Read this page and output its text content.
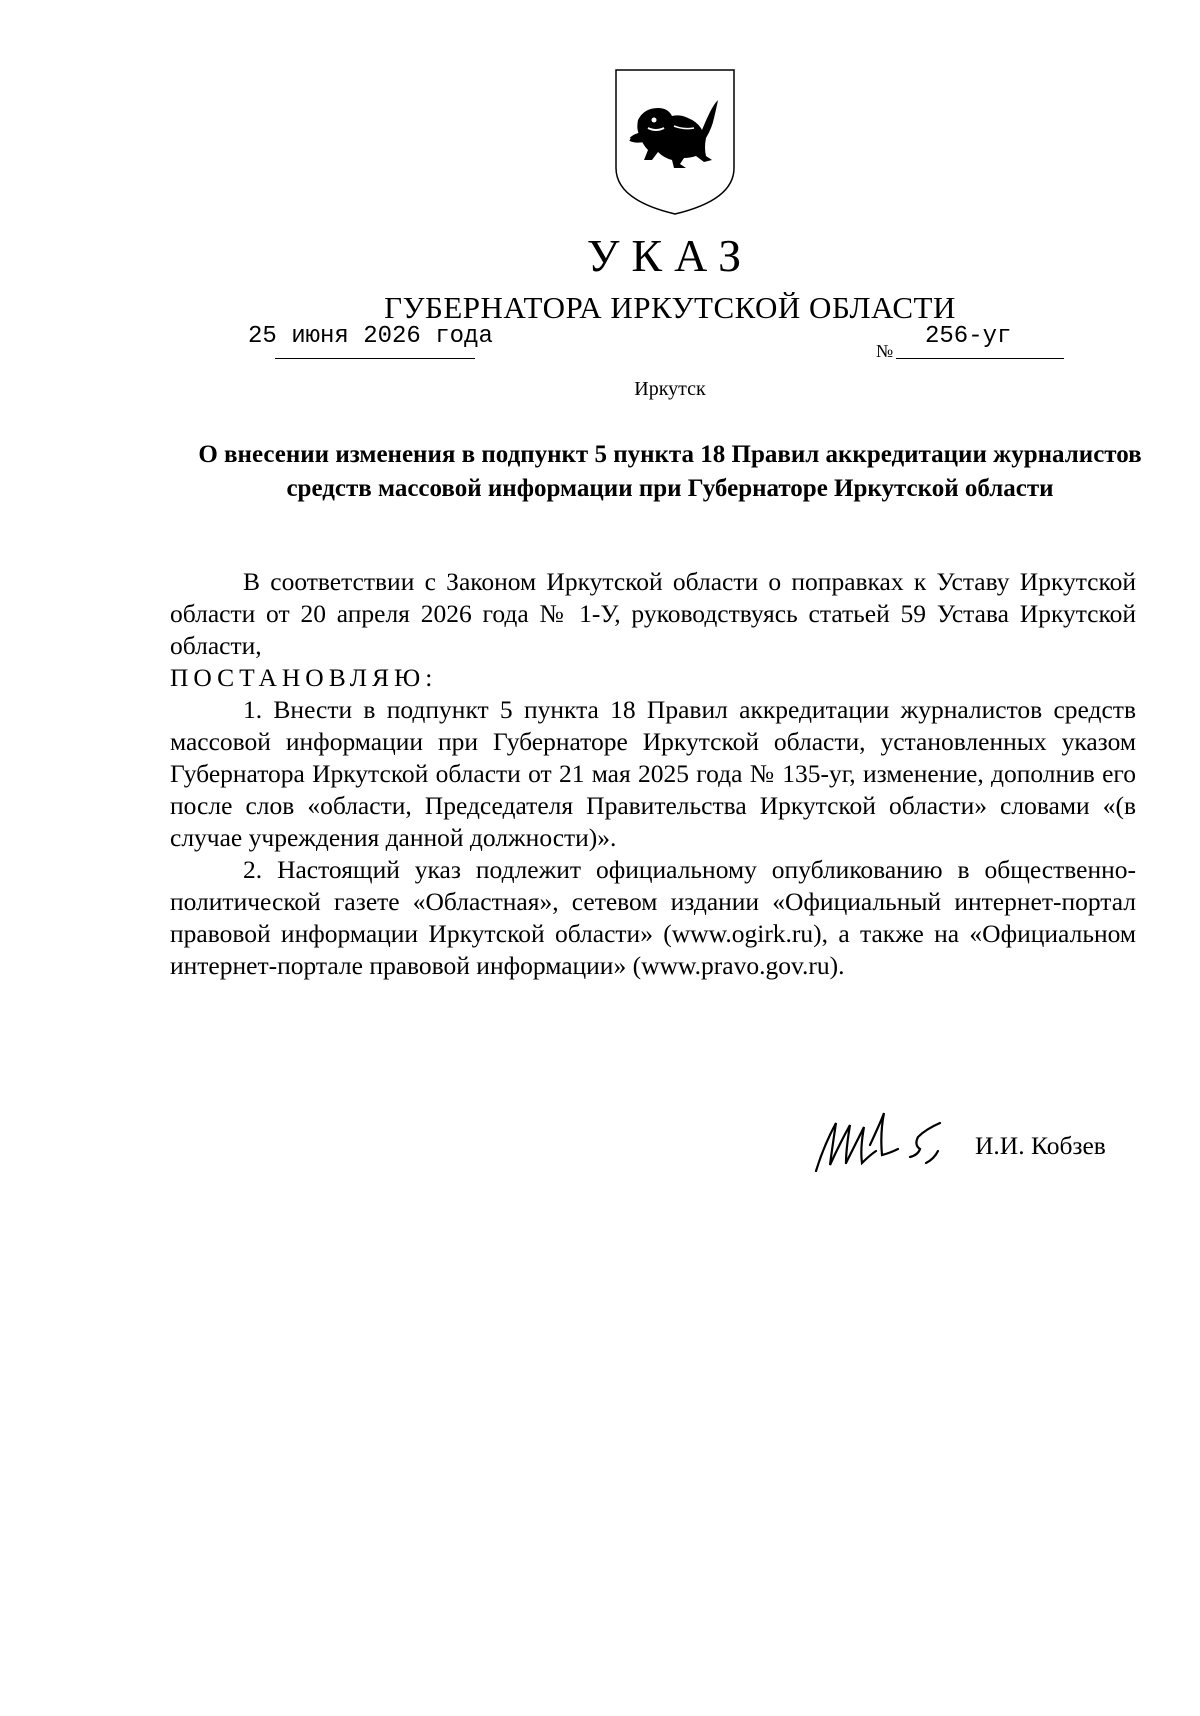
УКАЗ
ГУБЕРНАТОРА ИРКУТСКОЙ ОБЛАСТИ
25 июня 2026 года
№
256-уг
Иркутск
О внесении изменения в подпункт 5 пункта 18 Правил аккредитации журналистов средств массовой информации при Губернаторе Иркутской области

В соответствии с Законом Иркутской области о поправках к Уставу Иркутской области от 20 апреля 2026 года № 1-У, руководствуясь статьей 59 Устава Иркутской области,

ПОСТАНОВЛЯЮ:

1. Внести в подпункт 5 пункта 18 Правил аккредитации журналистов средств массовой информации при Губернаторе Иркутской области, установленных указом Губернатора Иркутской области от 21 мая 2025 года № 135-уг, изменение, дополнив его после слов «области, Председателя Правительства Иркутской области» словами «(в случае учреждения данной должности)».

2. Настоящий указ подлежит официальному опубликованию в общественно-политической газете «Областная», сетевом издании «Официальный интернет-портал правовой информации Иркутской области» (www.ogirk.ru), а также на «Официальном интернет-портале правовой информации» (www.pravo.gov.ru).

И.И. Кобзев
